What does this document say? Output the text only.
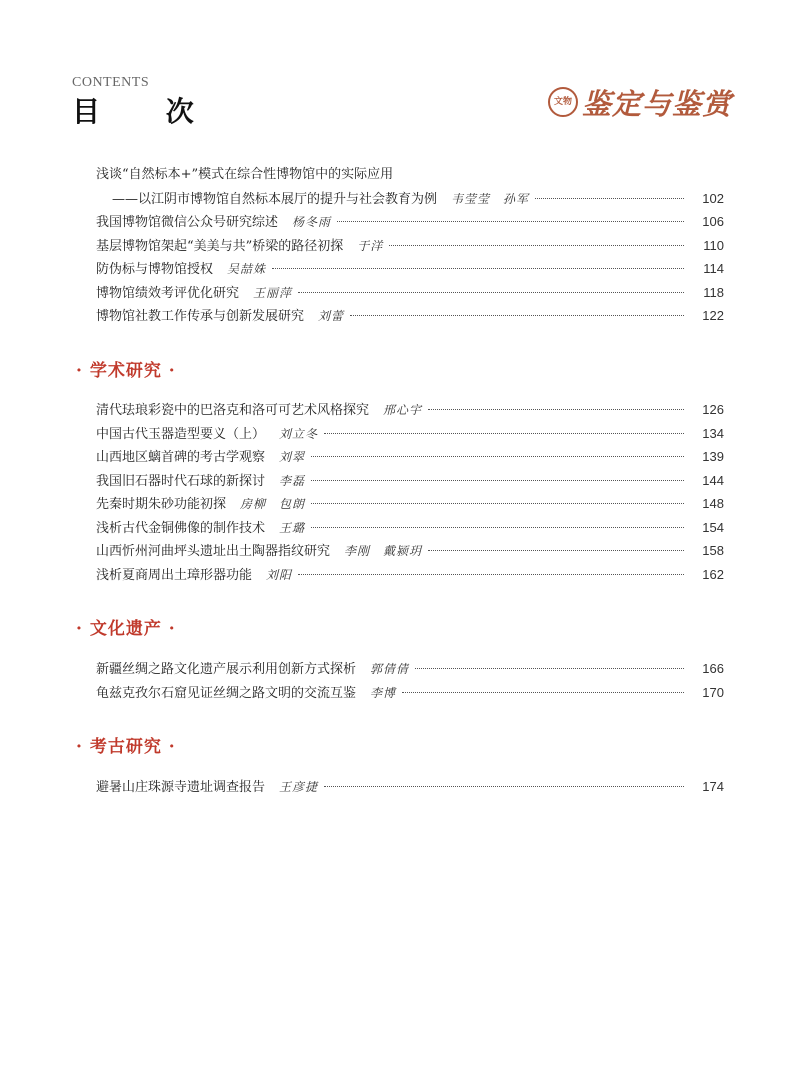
CONTENTS
目 次	文物 鉴定与鉴赏
浅谈“自然标本+”模式在综合性博物馆中的实际应用
——以江阴市博物馆自然标本展厅的提升与社会教育为例 韦莹莹　孙军	102
我国博物馆微信公众号研究综述 杨冬雨	106
基层博物馆架起“美美与共”桥梁的路径初探 于洋	110
防伪标与博物馆授权 吴喆姝	114
博物馆绩效考评优化研究 王丽萍	118
博物馆社教工作传承与创新发展研究 刘蕾	122
· 学术研究 ·
清代珐琅彩瓷中的巴洛克和洛可可艺术风格探究 邢心宇	126
中国古代玉器造型要义（上） 刘立冬	134
山西地区螭首碑的考古学观察 刘翠	139
我国旧石器时代石球的新探讨 李磊	144
先秦时期朱砂功能初探 房柳　包朗	148
浅析古代金铜佛像的制作技术 王璐	154
山西忻州河曲坪头遗址出土陶器指纹研究 李刚　戴颍玥	158
浅析夏商周出土璋形器功能 刘阳	162
· 文化遗产 ·
新疆丝绸之路文化遗产展示利用创新方式探析 郭倩倩	166
龟兹克孜尔石窟见证丝绸之路文明的交流互鉴 李博	170
· 考古研究 ·
避暑山庄珠源寺遗址调查报告 王彦捷	174
